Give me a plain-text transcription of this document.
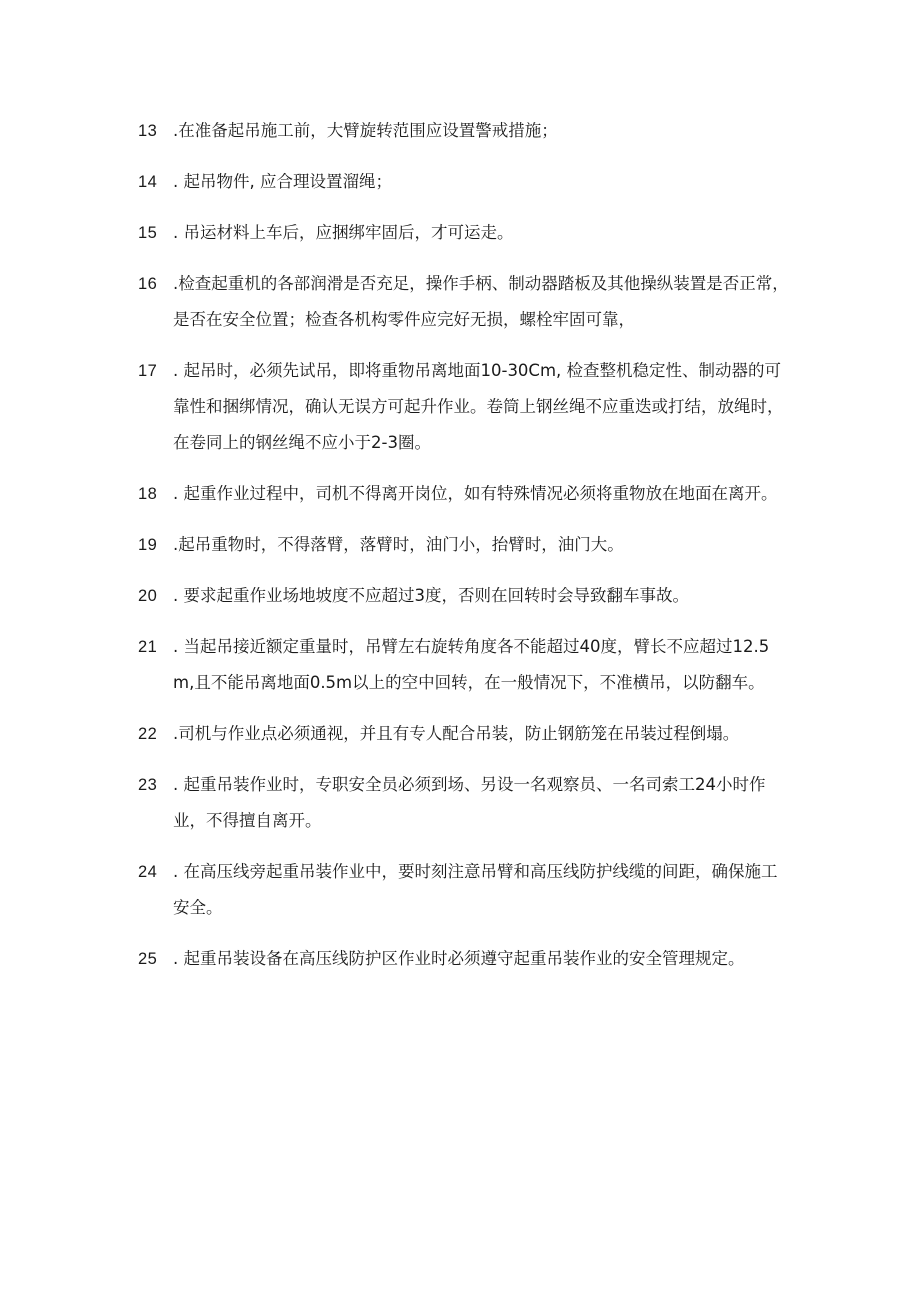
13 .在准备起吊施工前，大臂旋转范围应设置警戒措施；
14 . 起吊物件, 应合理设置溜绳；
15 . 吊运材料上车后，应捆绑牢固后，才可运走。
16 .检查起重机的各部润滑是否充足，操作手柄、制动器踏板及其他操纵装置是否正常，是否在安全位置；检查各机构零件应完好无损，螺栓牢固可靠，
17 . 起吊时，必须先试吊，即将重物吊离地面10-30Cm, 检查整机稳定性、制动器的可靠性和捆绑情况，确认无误方可起升作业。卷筒上钢丝绳不应重迭或打结，放绳时，在卷同上的钢丝绳不应小于2-3圈。
18 . 起重作业过程中，司机不得离开岗位，如有特殊情况必须将重物放在地面在离开。
19 .起吊重物时，不得落臂，落臂时，油门小，抬臂时，油门大。
20 . 要求起重作业场地坡度不应超过3度，否则在回转时会导致翻车事故。
21 . 当起吊接近额定重量时，吊臂左右旋转角度各不能超过40度，臂长不应超过12.5m,且不能吊离地面0.5m以上的空中回转，在一般情况下，不准横吊，以防翻车。
22 .司机与作业点必须通视，并且有专人配合吊装，防止钢筋笼在吊装过程倒塌。
23 . 起重吊装作业时，专职安全员必须到场、另设一名观察员、一名司索工24小时作业，不得擅自离开。
24 . 在高压线旁起重吊装作业中，要时刻注意吊臂和高压线防护线缆的间距，确保施工安全。
25 . 起重吊装设备在高压线防护区作业时必须遵守起重吊装作业的安全管理规定。
